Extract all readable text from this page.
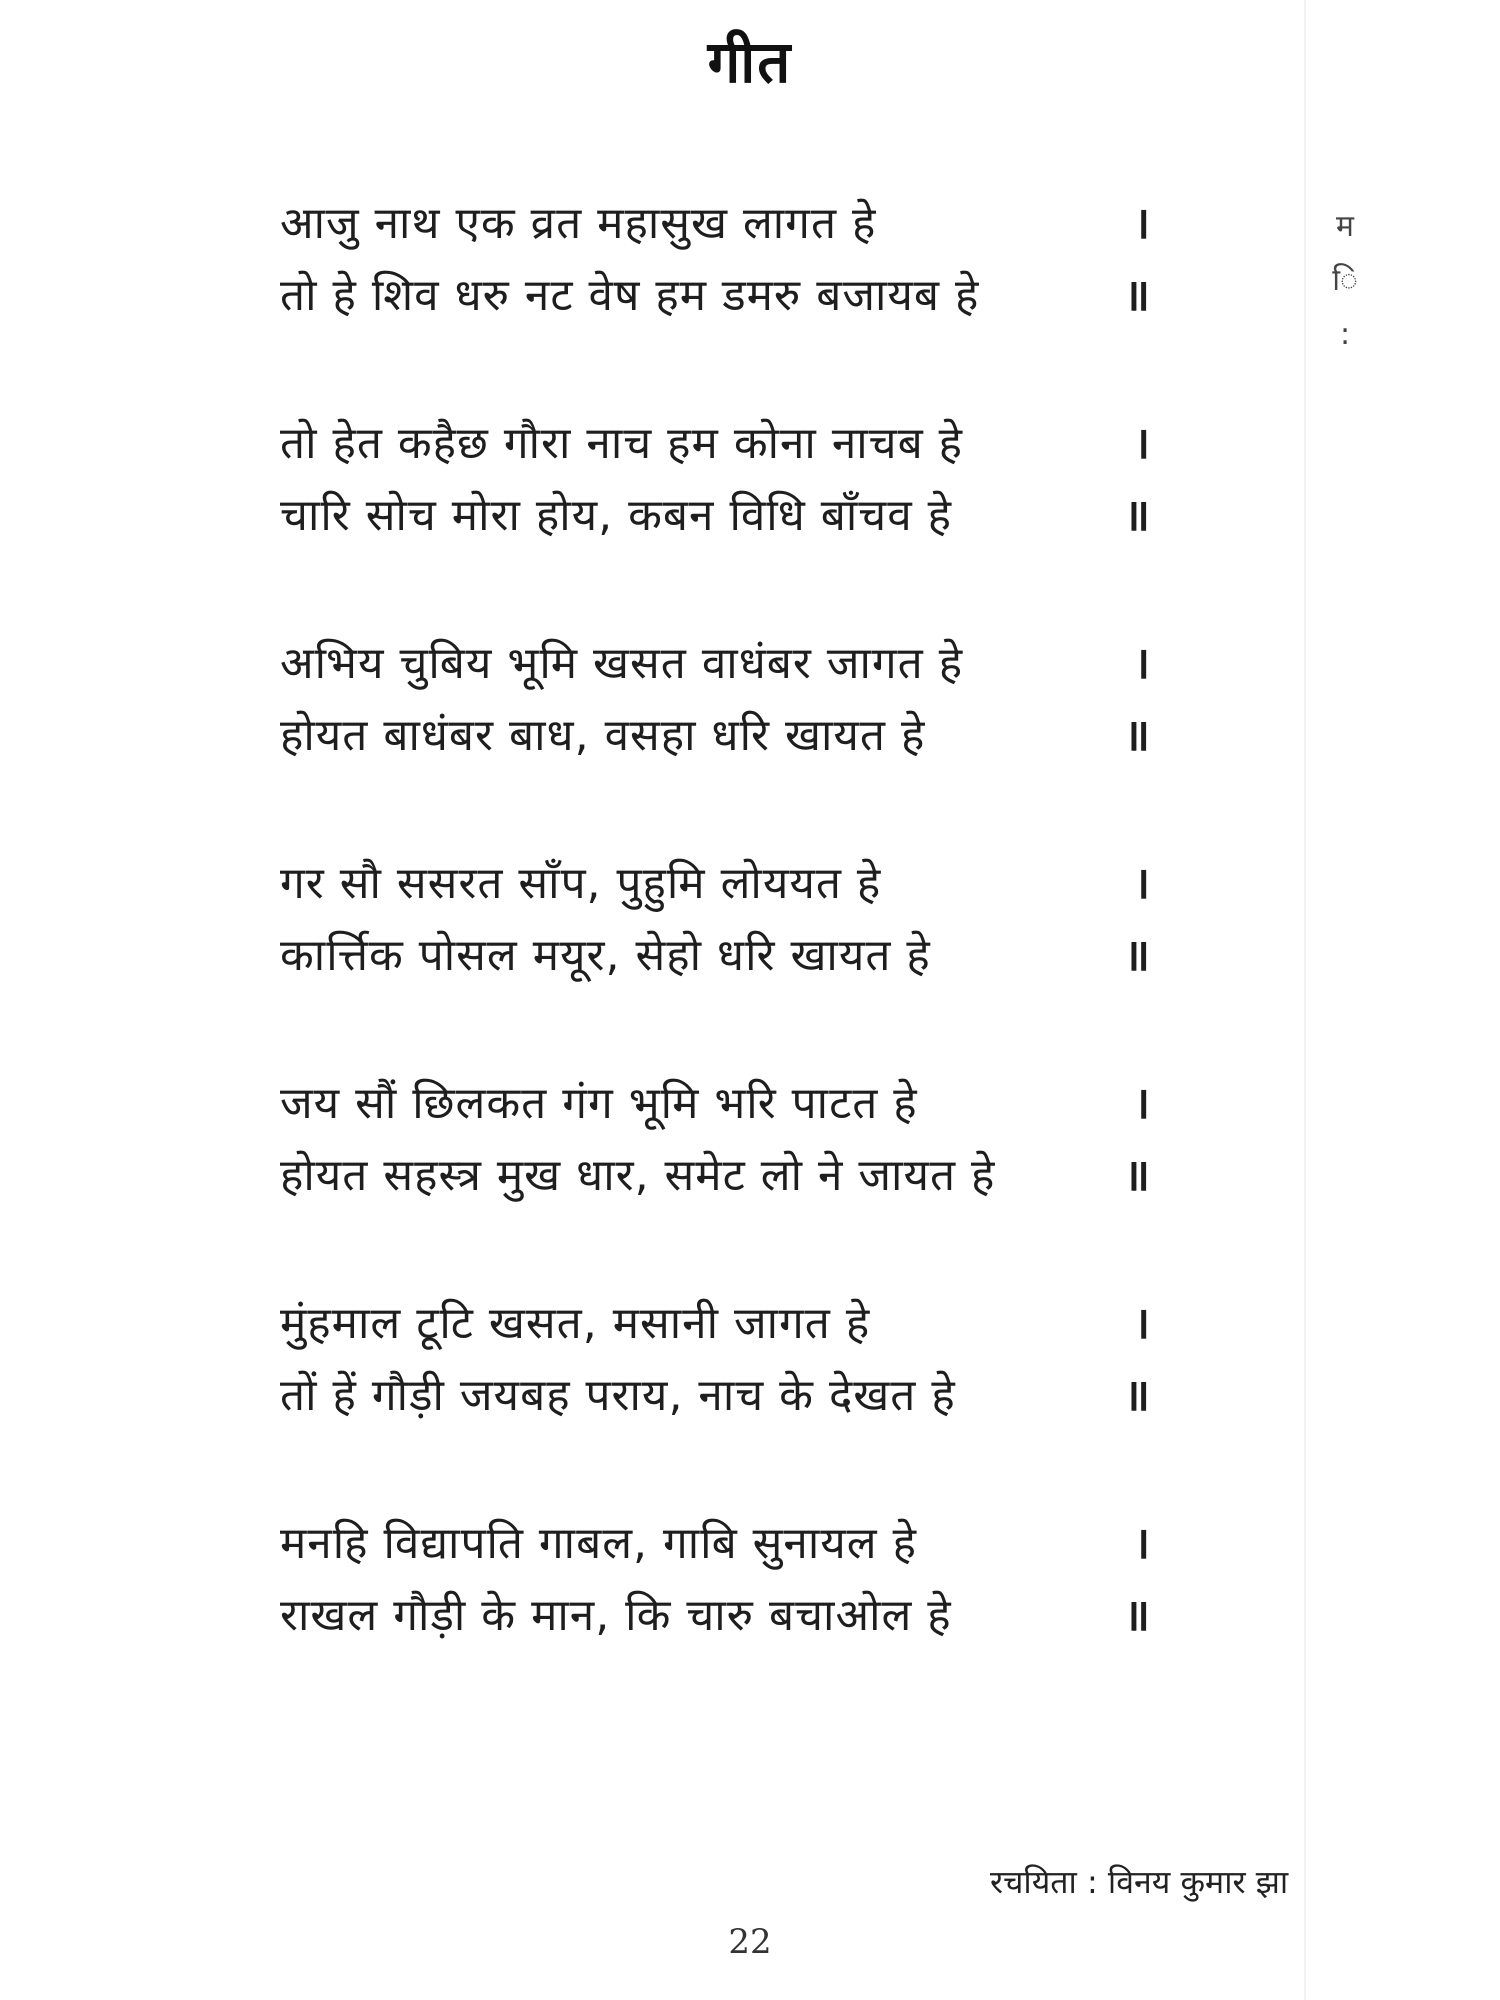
गीत
आजु नाथ एक व्रत महासुख लागत हे	।
तो हे शिव धरु नट वेष हम डमरु बजायब हे	॥
तो हेत कहैछ गौरा नाच हम कोना नाचब हे	।
चारि सोच मोरा होय, कबन विधि बाँचव हे	॥
अभिय चुबिय भूमि खसत वाधंबर जागत हे	।
होयत बाधंबर बाध, वसहा धरि खायत हे	॥
गर सौ ससरत साँप, पुहुमि लोययत हे	।
कार्त्तिक पोसल मयूर, सेहो धरि खायत हे	॥
जय सौं छिलकत गंग भूमि भरि पाटत हे	।
होयत सहस्त्र मुख धार, समेट लो ने जायत हे	॥
मुंहमाल टूटि खसत, मसानी जागत हे	।
तों हें गौड़ी जयबह पराय, नाच के देखत हे	॥
मनहि विद्यापति गाबल, गाबि सुनायल हे	।
राखल गौड़ी के मान, कि चारु बचाओल हे	॥
म
ि
:
रचयिता : विनय कुमार झा
22
